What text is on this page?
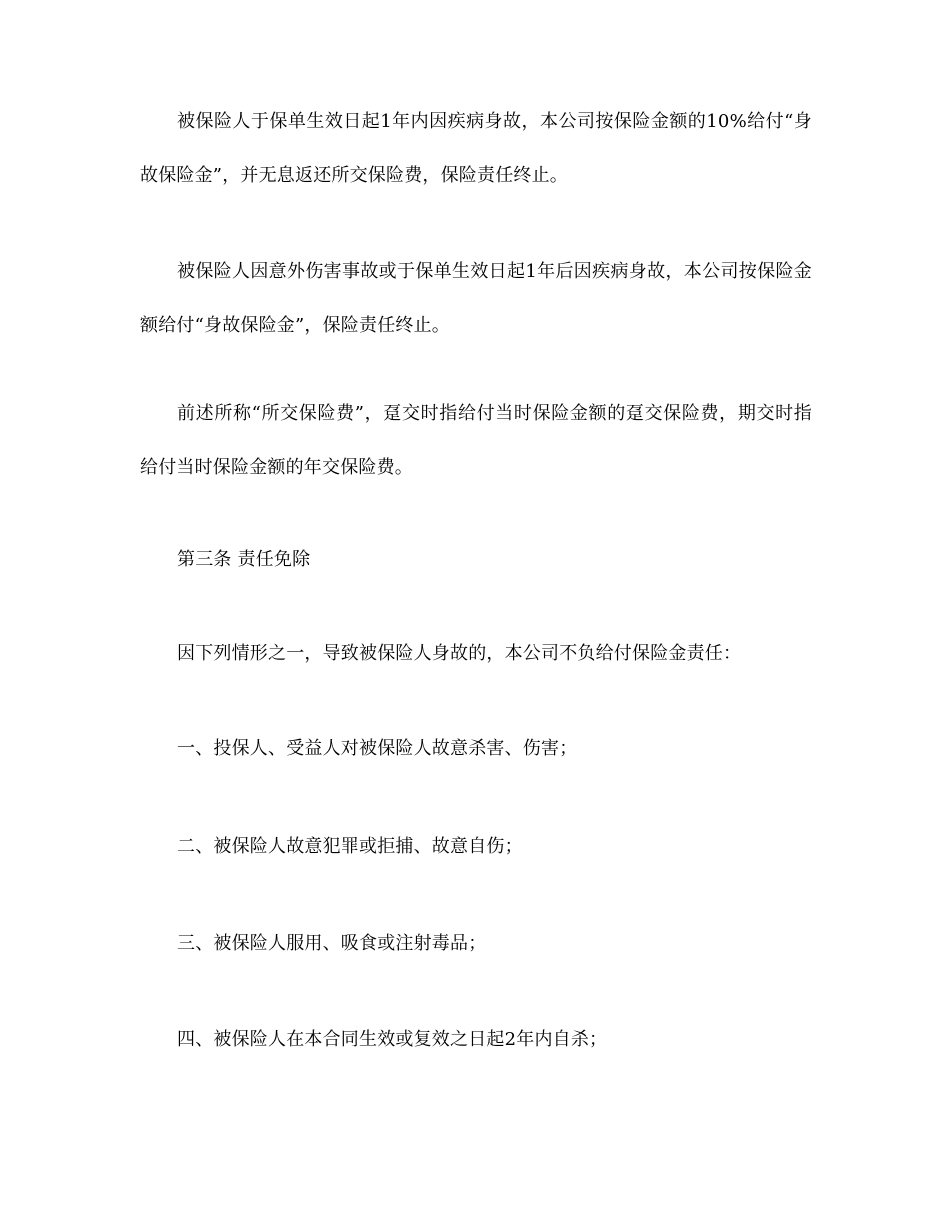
被保险人于保单生效日起1年内因疾病身故，本公司按保险金额的10%给付“身故保险金”，并无息返还所交保险费，保险责任终止。

被保险人因意外伤害事故或于保单生效日起1年后因疾病身故，本公司按保险金额给付“身故保险金”，保险责任终止。

前述所称“所交保险费”，趸交时指给付当时保险金额的趸交保险费，期交时指给付当时保险金额的年交保险费。

第三条 责任免除

因下列情形之一，导致被保险人身故的，本公司不负给付保险金责任：

一、投保人、受益人对被保险人故意杀害、伤害；

二、被保险人故意犯罪或拒捕、故意自伤；

三、被保险人服用、吸食或注射毒品；

四、被保险人在本合同生效或复效之日起2年内自杀；
